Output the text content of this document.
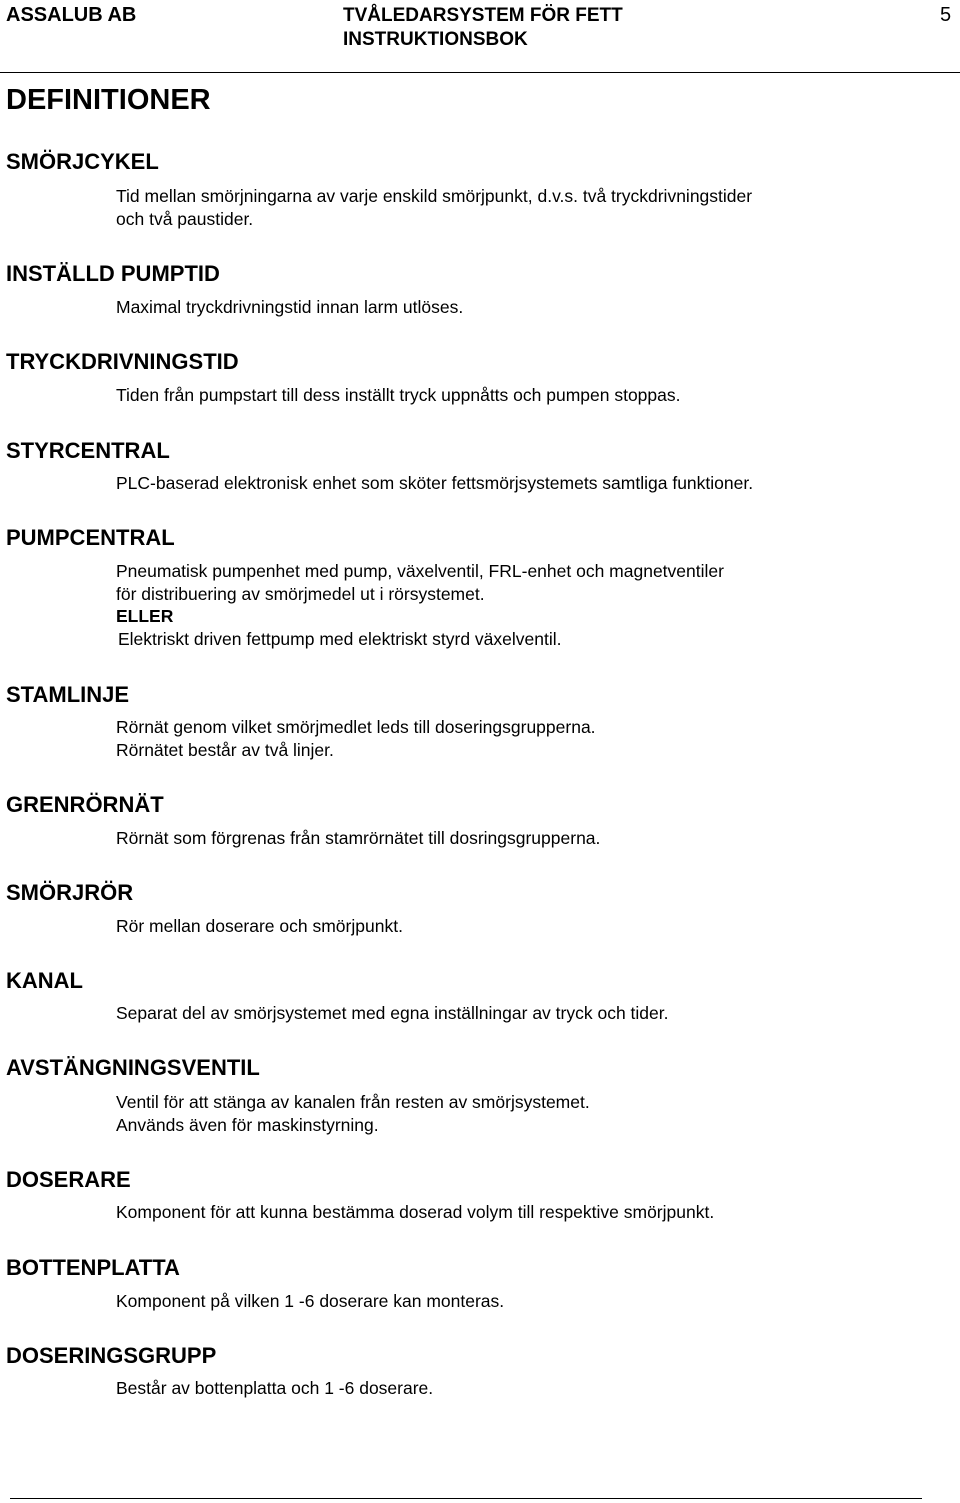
ASSALUB AB	TVÅLEDARSYSTEM FÖR FETT
INSTRUKTIONSBOK
5
DEFINITIONER
SMÖRJCYKEL
Tid mellan smörjningarna av varje enskild smörjpunkt, d.v.s. två tryckdrivningstider
och två paustider.
INSTÄLLD PUMPTID
Maximal tryckdrivningstid innan larm utlöses.
TRYCKDRIVNINGSTID
Tiden från pumpstart till dess inställt tryck uppnåtts och pumpen stoppas.
STYRCENTRAL
PLC-baserad elektronisk enhet som sköter fettsmörjsystemets samtliga funktioner.
PUMPCENTRAL
Pneumatisk pumpenhet med pump, växelventil, FRL-enhet och magnetventiler
för distribuering av smörjmedel ut i rörsystemet.
ELLER
Elektriskt driven fettpump med elektriskt styrd växelventil.
STAMLINJE
Rörnät genom vilket smörjmedlet leds till doseringsgrupperna.
Rörnätet består av två linjer.
GRENRÖRNÄT
Rörnät som förgrenas från stamrörnätet till dosringsgrupperna.
SMÖRJRÖR
Rör mellan doserare och smörjpunkt.
KANAL
Separat del av smörjsystemet med egna inställningar av tryck och tider.
AVSTÄNGNINGSVENTIL
Ventil för att stänga av kanalen från resten av smörjsystemet.
Används även för maskinstyrning.
DOSERARE
Komponent för att kunna bestämma doserad volym till respektive smörjpunkt.
BOTTENPLATTA
Komponent på vilken 1 -6 doserare kan monteras.
DOSERINGSGRUPP
Består av bottenplatta och 1 -6 doserare.
